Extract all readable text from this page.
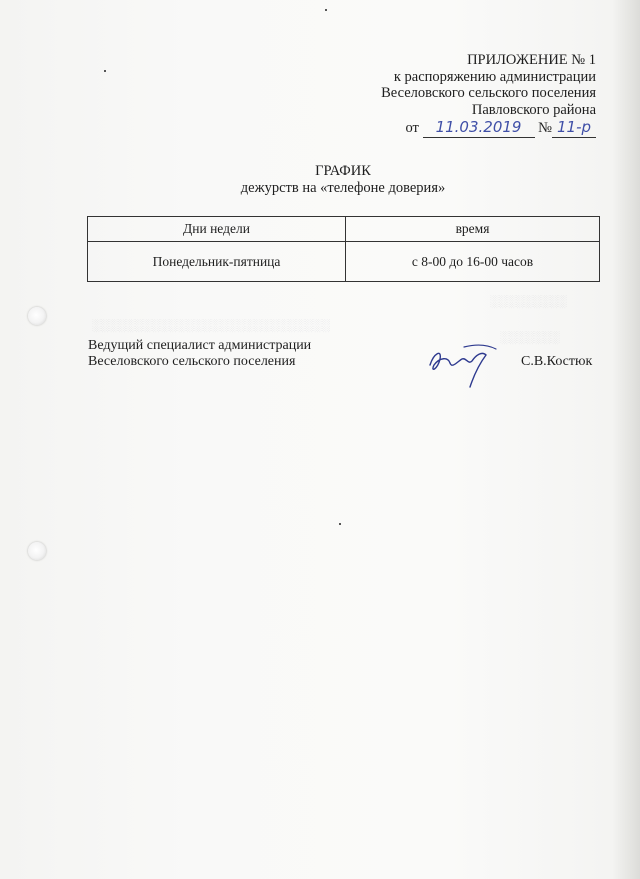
░░░░░░░░░░░░░░░░░░░░░░░░░░░░
░░░░░░░░░
░░░░░░░
ПРИЛОЖЕНИЕ № 1
к распоряжению администрации
Веселовского сельского поселения
Павловского района
от 11.03.2019 № 11-р
ГРАФИК
дежурств на «телефоне доверия»
Дни недели	время
Понедельник-пятница	с 8-00 до 16-00 часов
Ведущий специалист администрации
Веселовского сельского поселения	С.В.Костюк
